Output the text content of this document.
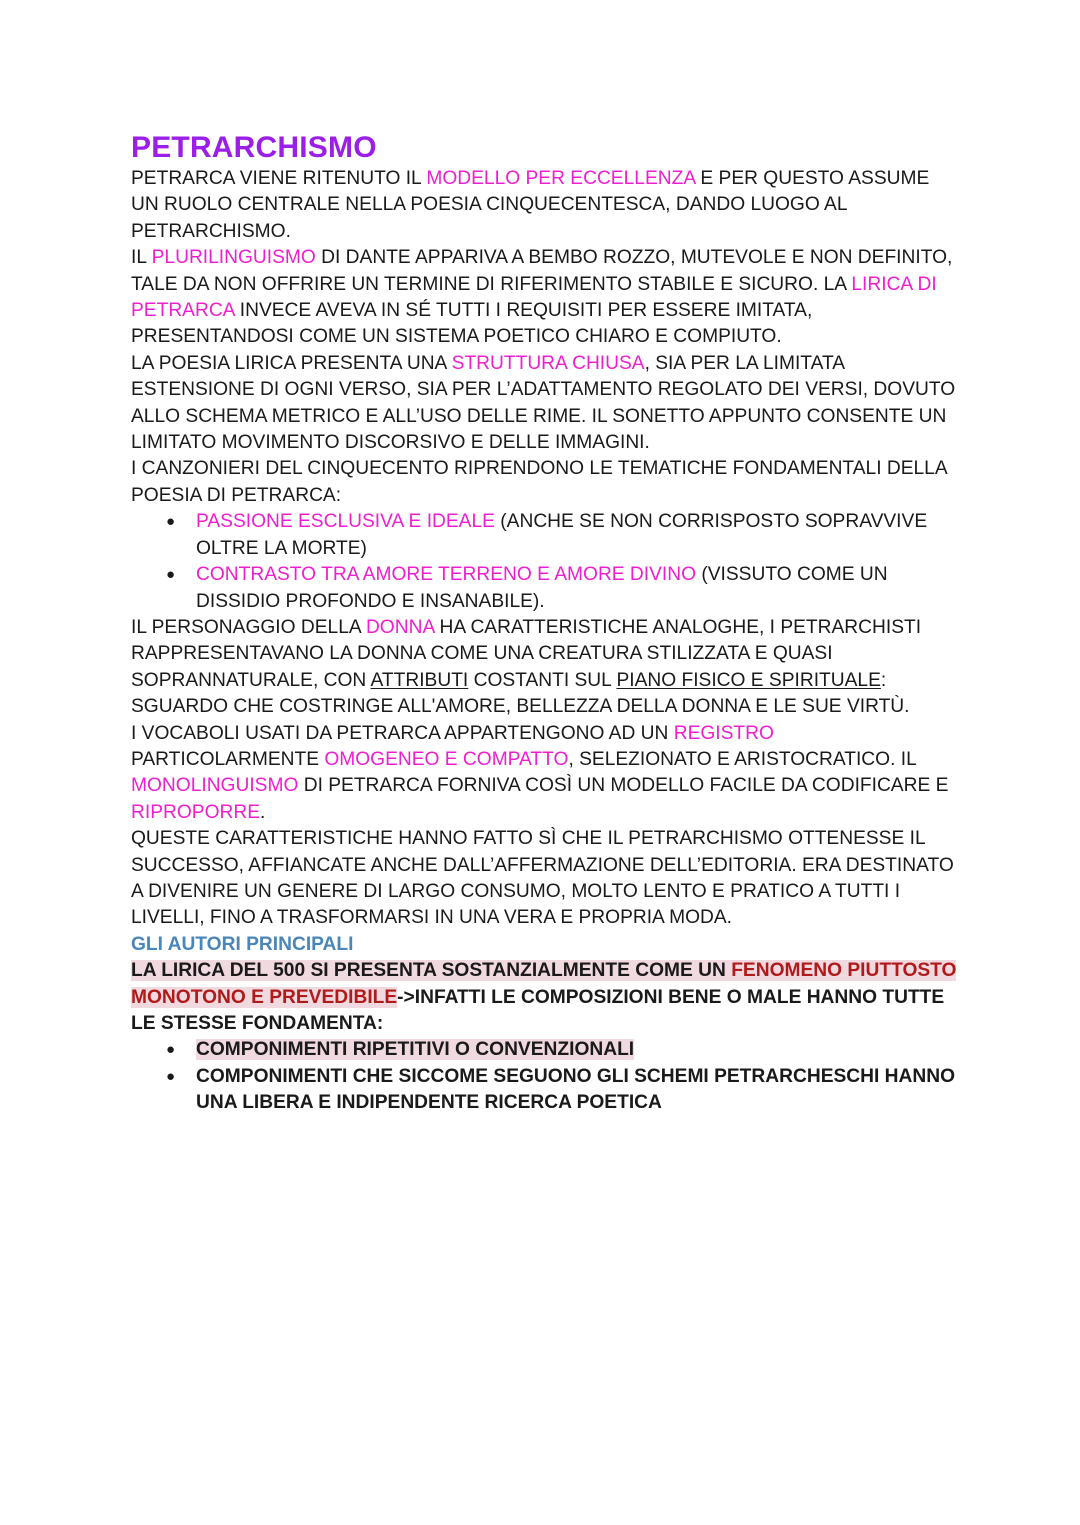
PETRARCHISMO

PETRARCA VIENE RITENUTO IL MODELLO PER ECCELLENZA E PER QUESTO ASSUME UN RUOLO CENTRALE NELLA POESIA CINQUECENTESCA, DANDO LUOGO AL PETRARCHISMO.

IL PLURILINGUISMO DI DANTE APPARIVA A BEMBO ROZZO, MUTEVOLE E NON DEFINITO, TALE DA NON OFFRIRE UN TERMINE DI RIFERIMENTO STABILE E SICURO. LA LIRICA DI PETRARCA INVECE AVEVA IN SÉ TUTTI I REQUISITI PER ESSERE IMITATA, PRESENTANDOSI COME UN SISTEMA POETICO CHIARO E COMPIUTO.

LA POESIA LIRICA PRESENTA UNA STRUTTURA CHIUSA, SIA PER LA LIMITATA ESTENSIONE DI OGNI VERSO, SIA PER L’ADATTAMENTO REGOLATO DEI VERSI, DOVUTO ALLO SCHEMA METRICO E ALL’USO DELLE RIME. IL SONETTO APPUNTO CONSENTE UN LIMITATO MOVIMENTO DISCORSIVO E DELLE IMMAGINI.

I CANZONIERI DEL CINQUECENTO RIPRENDONO LE TEMATICHE FONDAMENTALI DELLA POESIA DI PETRARCA:

● PASSIONE ESCLUSIVA E IDEALE (ANCHE SE NON CORRISPOSTO SOPRAVVIVE OLTRE LA MORTE)
● CONTRASTO TRA AMORE TERRENO E AMORE DIVINO (VISSUTO COME UN DISSIDIO PROFONDO E INSANABILE).

IL PERSONAGGIO DELLA DONNA HA CARATTERISTICHE ANALOGHE, I PETRARCHISTI RAPPRESENTAVANO LA DONNA COME UNA CREATURA STILIZZATA E QUASI SOPRANNATURALE, CON ATTRIBUTI COSTANTI SUL PIANO FISICO E SPIRITUALE: SGUARDO CHE COSTRINGE ALL'AMORE, BELLEZZA DELLA DONNA E LE SUE VIRTÙ.

I VOCABOLI USATI DA PETRARCA APPARTENGONO AD UN REGISTRO PARTICOLARMENTE OMOGENEO E COMPATTO, SELEZIONATO E ARISTOCRATICO. IL MONOLINGUISMO DI PETRARCA FORNIVA COSÌ UN MODELLO FACILE DA CODIFICARE E RIPROPORRE.

QUESTE CARATTERISTICHE HANNO FATTO SÌ CHE IL PETRARCHISMO OTTENESSE IL SUCCESSO, AFFIANCATE ANCHE DALL’AFFERMAZIONE DELL’EDITORIA. ERA DESTINATO A DIVENIRE UN GENERE DI LARGO CONSUMO, MOLTO LENTO E PRATICO A TUTTI I LIVELLI, FINO A TRASFORMARSI IN UNA VERA E PROPRIA MODA.

GLI AUTORI PRINCIPALI

LA LIRICA DEL 500 SI PRESENTA SOSTANZIALMENTE COME UN FENOMENO PIUTTOSTO MONOTONO E PREVEDIBILE->INFATTI LE COMPOSIZIONI BENE O MALE HANNO TUTTE LE STESSE FONDAMENTA:

● COMPONIMENTI RIPETITIVI O CONVENZIONALI
● COMPONIMENTI CHE SICCOME SEGUONO GLI SCHEMI PETRARCHESCHI HANNO UNA LIBERA E INDIPENDENTE RICERCA POETICA
